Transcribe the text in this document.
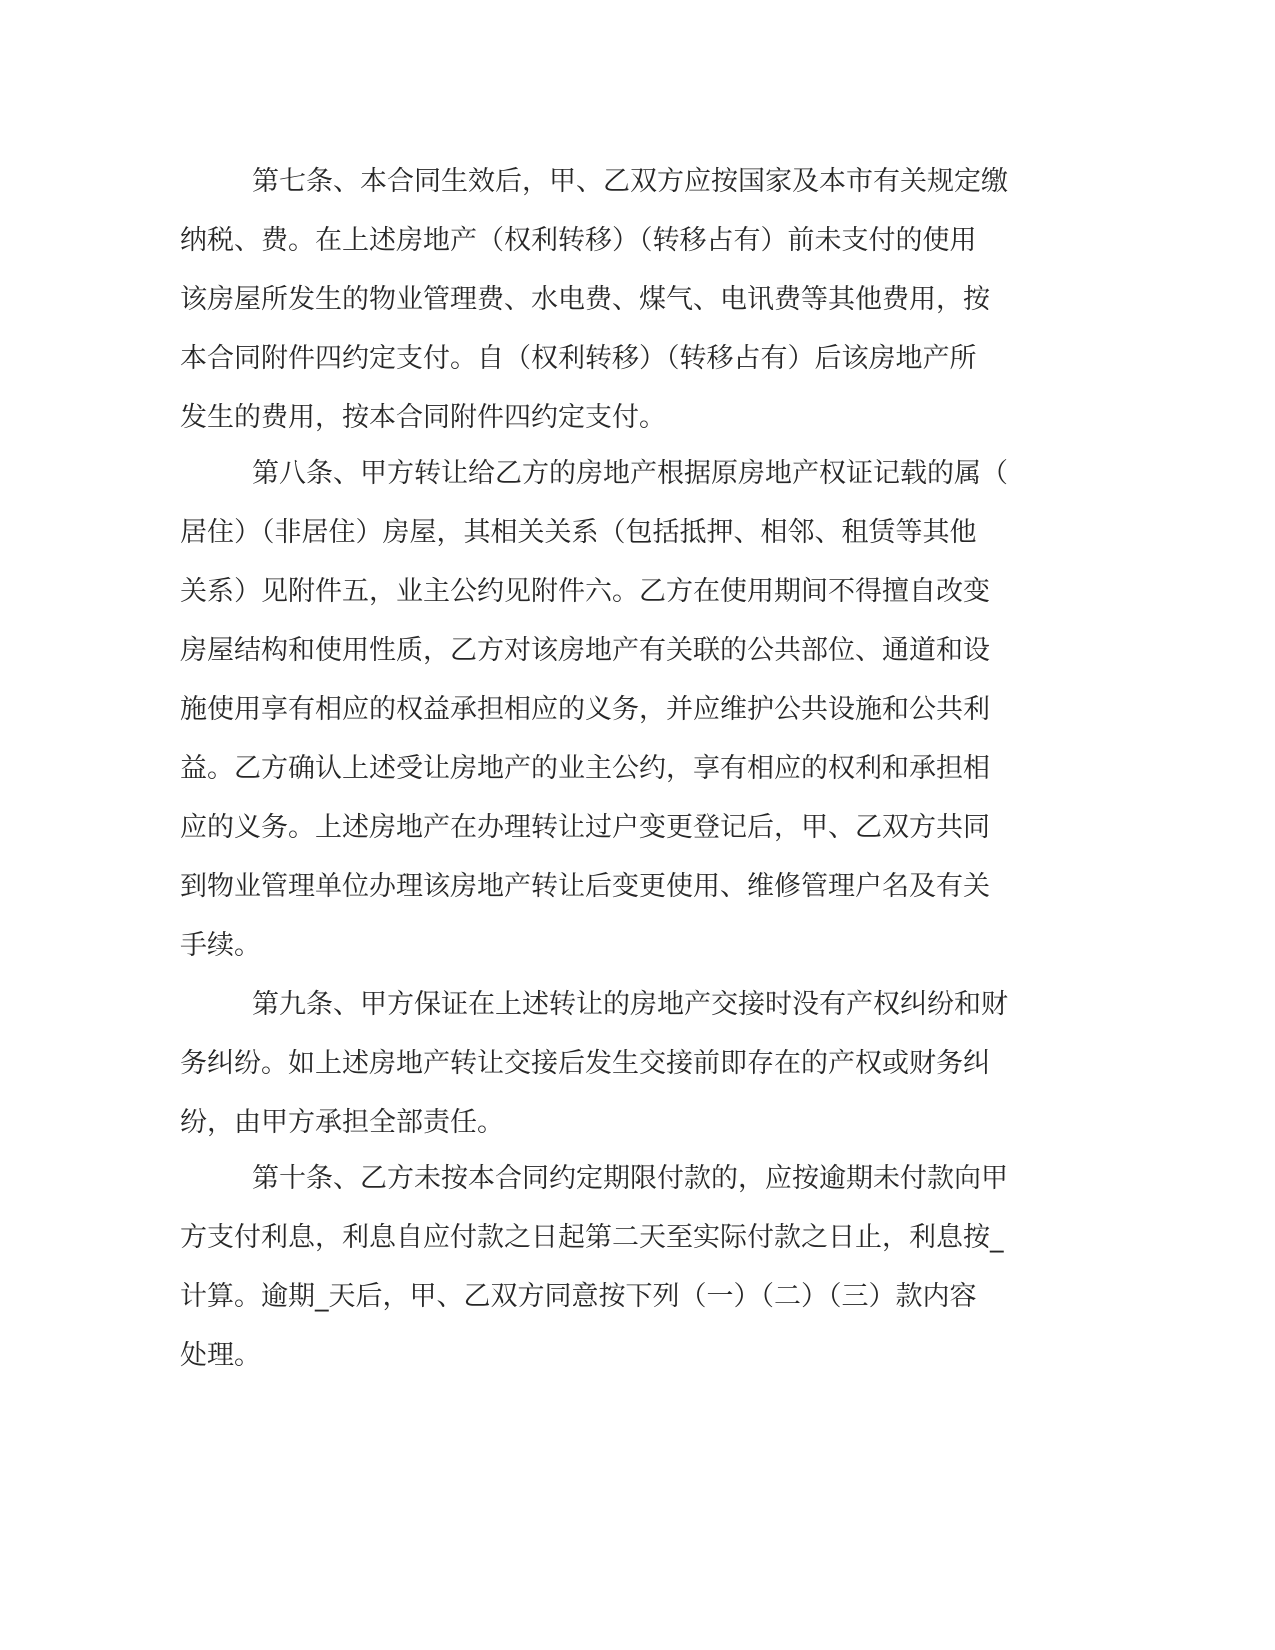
第七条、本合同生效后，甲、乙双方应按国家及本市有关规定缴

纳税、费。在上述房地产（权利转移）（转移占有）前未支付的使用

该房屋所发生的物业管理费、水电费、煤气、电讯费等其他费用，按

本合同附件四约定支付。自（权利转移）（转移占有）后该房地产所

发生的费用，按本合同附件四约定支付。

第八条、甲方转让给乙方的房地产根据原房地产权证记载的属（

居住）（非居住）房屋，其相关关系（包括抵押、相邻、租赁等其他

关系）见附件五，业主公约见附件六。乙方在使用期间不得擅自改变

房屋结构和使用性质，乙方对该房地产有关联的公共部位、通道和设

施使用享有相应的权益承担相应的义务，并应维护公共设施和公共利

益。乙方确认上述受让房地产的业主公约，享有相应的权利和承担相

应的义务。上述房地产在办理转让过户变更登记后，甲、乙双方共同

到物业管理单位办理该房地产转让后变更使用、维修管理户名及有关

手续。

第九条、甲方保证在上述转让的房地产交接时没有产权纠纷和财

务纠纷。如上述房地产转让交接后发生交接前即存在的产权或财务纠

纷，由甲方承担全部责任。

第十条、乙方未按本合同约定期限付款的，应按逾期未付款向甲

方支付利息，利息自应付款之日起第二天至实际付款之日止，利息按_

计算。逾期_天后，甲、乙双方同意按下列（一）（二）（三）款内容

处理。
